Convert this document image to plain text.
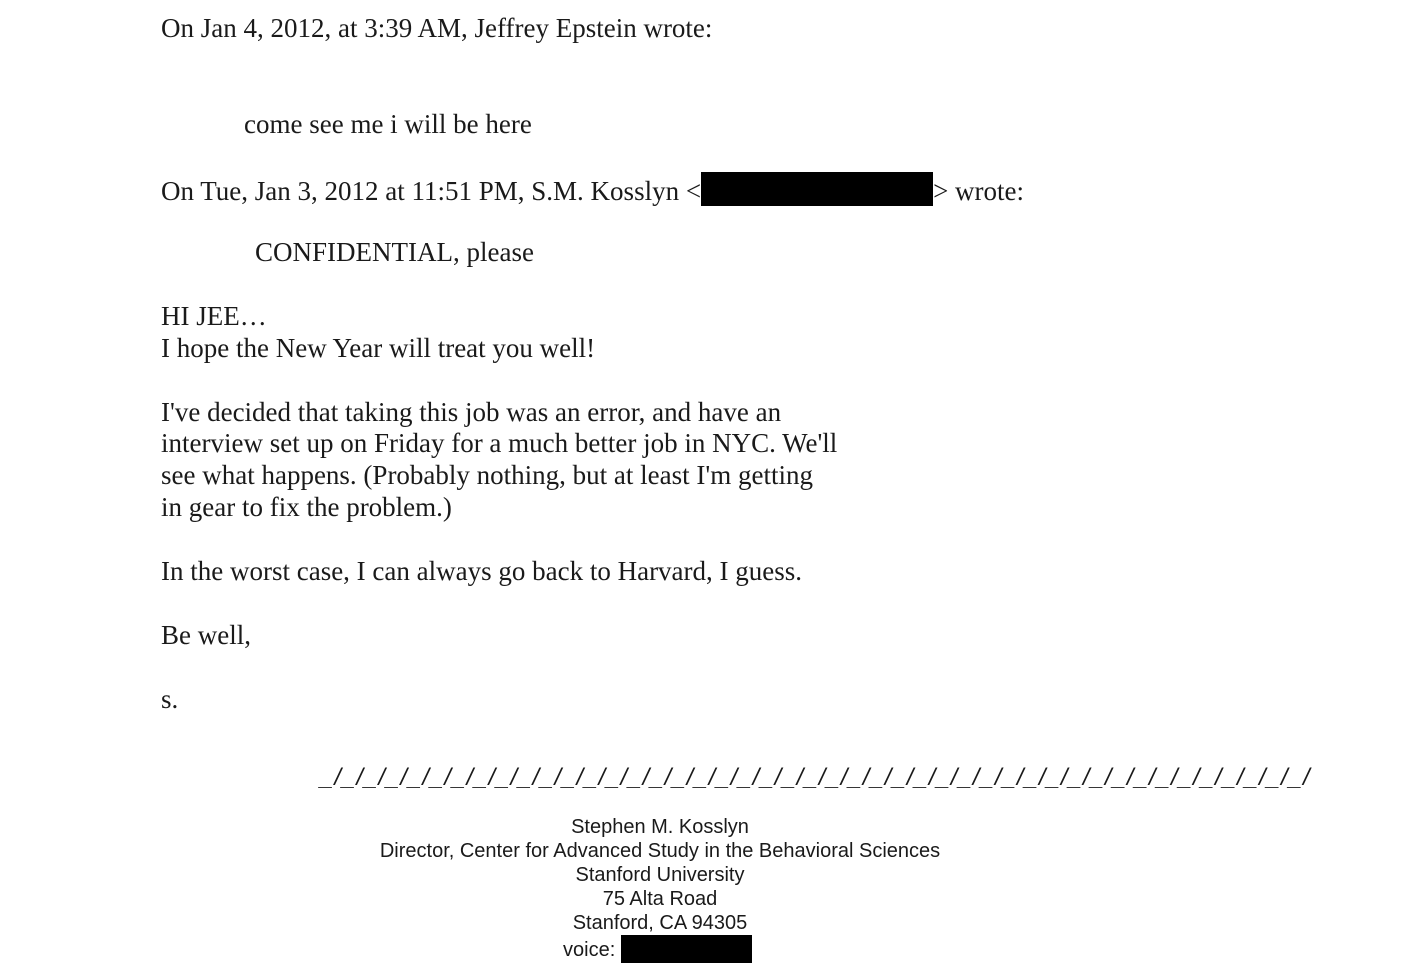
On Jan 4, 2012, at 3:39 AM, Jeffrey Epstein wrote:
come see me i will be here
On Tue, Jan 3, 2012 at 11:51 PM, S.M. Kosslyn <	> wrote:
CONFIDENTIAL, please
HI JEE…
I hope the New Year will treat you well!
I've decided that taking this job was an error, and have an
interview set up on Friday for a much better job in NYC. We'll
see what happens. (Probably nothing, but at least I'm getting
in gear to fix the problem.)
In the worst case, I can always go back to Harvard, I guess.
Be well,
s.
_/_/_/_/_/_/_/_/_/_/_/_/_/_/_/_/_/_/_/_/_/_/_/_/_/_/_/_/_/_/_/_/_/_/_/_/_/_/_/_/_/_/_/_/_/
Stephen M. Kosslyn
Director, Center for Advanced Study in the Behavioral Sciences
Stanford University
75 Alta Road
Stanford, CA 94305
voice:
